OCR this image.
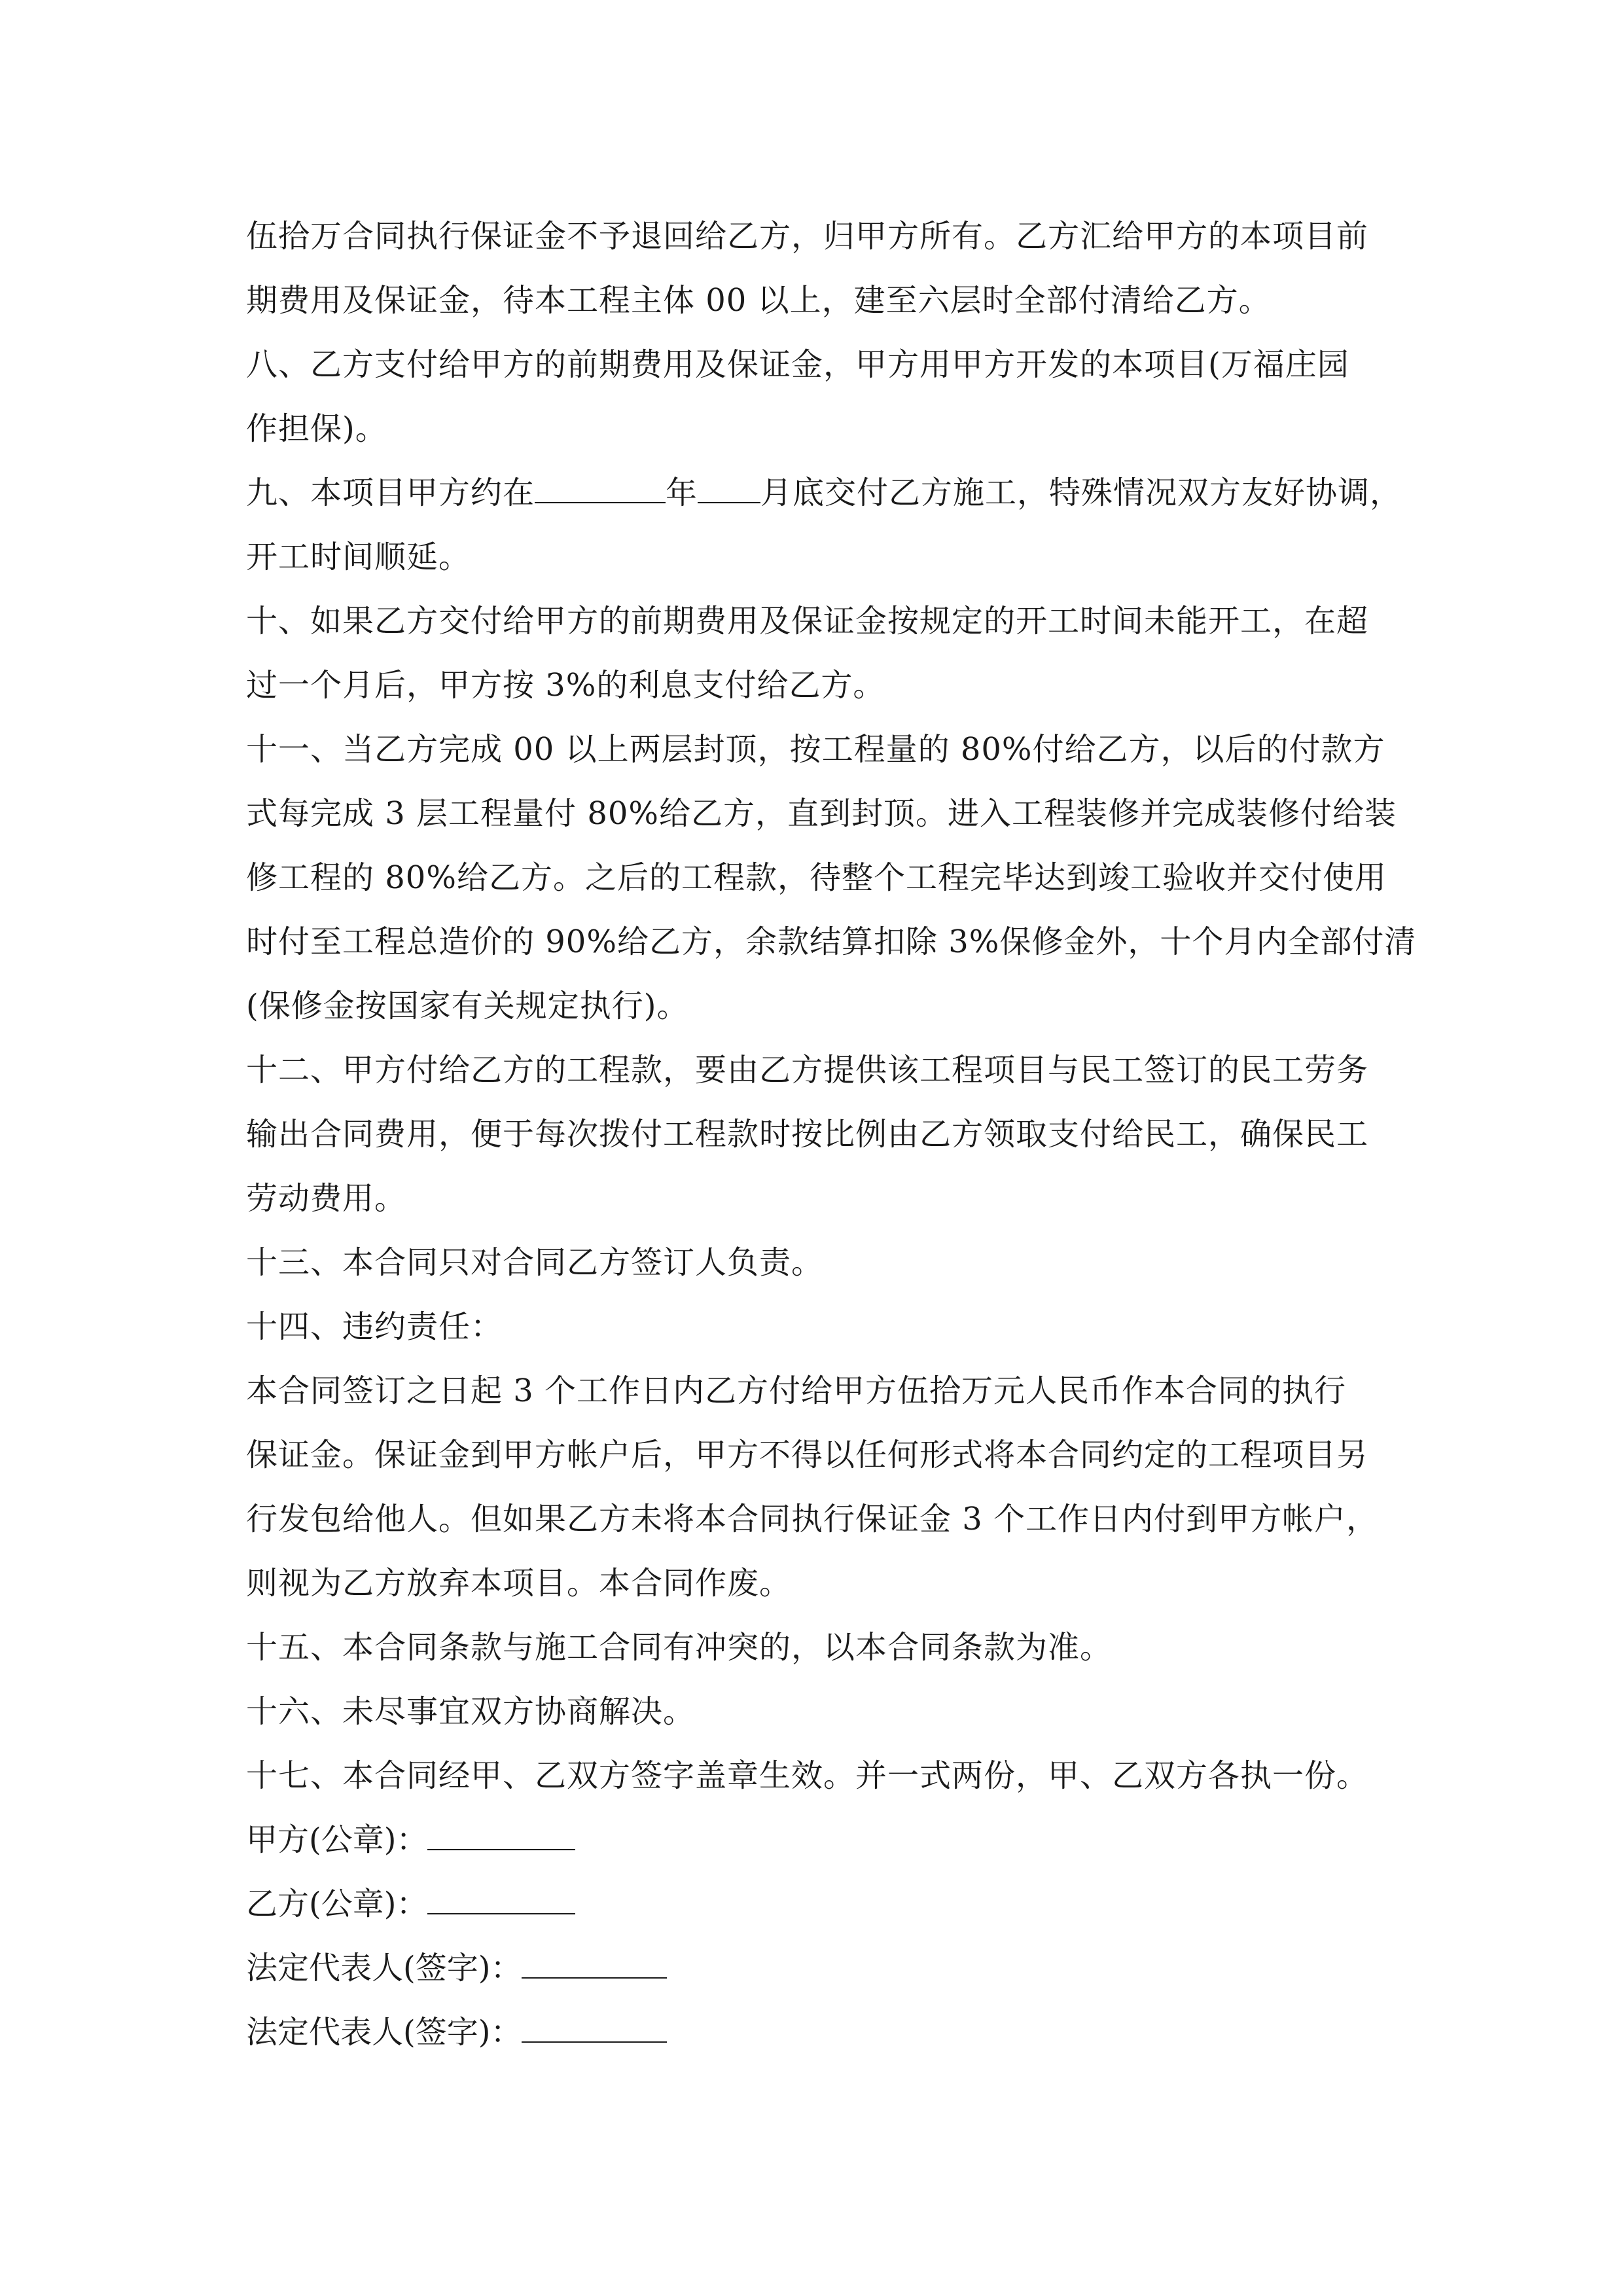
伍拾万合同执行保证金不予退回给乙方，归甲方所有。乙方汇给甲方的本项目前
期费用及保证金，待本工程主体 00 以上，建至六层时全部付清给乙方。

八、乙方支付给甲方的前期费用及保证金，甲方用甲方开发的本项目(万福庄园
作担保)。

九、本项目甲方约在	年 月底交付乙方施工，特殊情况双方友好协调，
开工时间顺延。

十、如果乙方交付给甲方的前期费用及保证金按规定的开工时间未能开工，在超
过一个月后，甲方按 3%的利息支付给乙方。

十一、当乙方完成 00 以上两层封顶，按工程量的 80%付给乙方，以后的付款方
式每完成 3 层工程量付 80%给乙方，直到封顶。进入工程装修并完成装修付给装
修工程的 80%给乙方。之后的工程款，待整个工程完毕达到竣工验收并交付使用
时付至工程总造价的 90%给乙方，余款结算扣除 3%保修金外，十个月内全部付清
(保修金按国家有关规定执行)。

十二、甲方付给乙方的工程款，要由乙方提供该工程项目与民工签订的民工劳务
输出合同费用，便于每次拨付工程款时按比例由乙方领取支付给民工，确保民工
劳动费用。

十三、本合同只对合同乙方签订人负责。

十四、违约责任：

本合同签订之日起 3 个工作日内乙方付给甲方伍拾万元人民币作本合同的执行
保证金。保证金到甲方帐户后，甲方不得以任何形式将本合同约定的工程项目另
行发包给他人。但如果乙方未将本合同执行保证金 3 个工作日内付到甲方帐户，
则视为乙方放弃本项目。本合同作废。

十五、本合同条款与施工合同有冲突的，以本合同条款为准。

十六、未尽事宜双方协商解决。

十七、本合同经甲、乙双方签字盖章生效。并一式两份，甲、乙双方各执一份。

甲方(公章)：

乙方(公章)：

法定代表人(签字)：

法定代表人(签字)：
